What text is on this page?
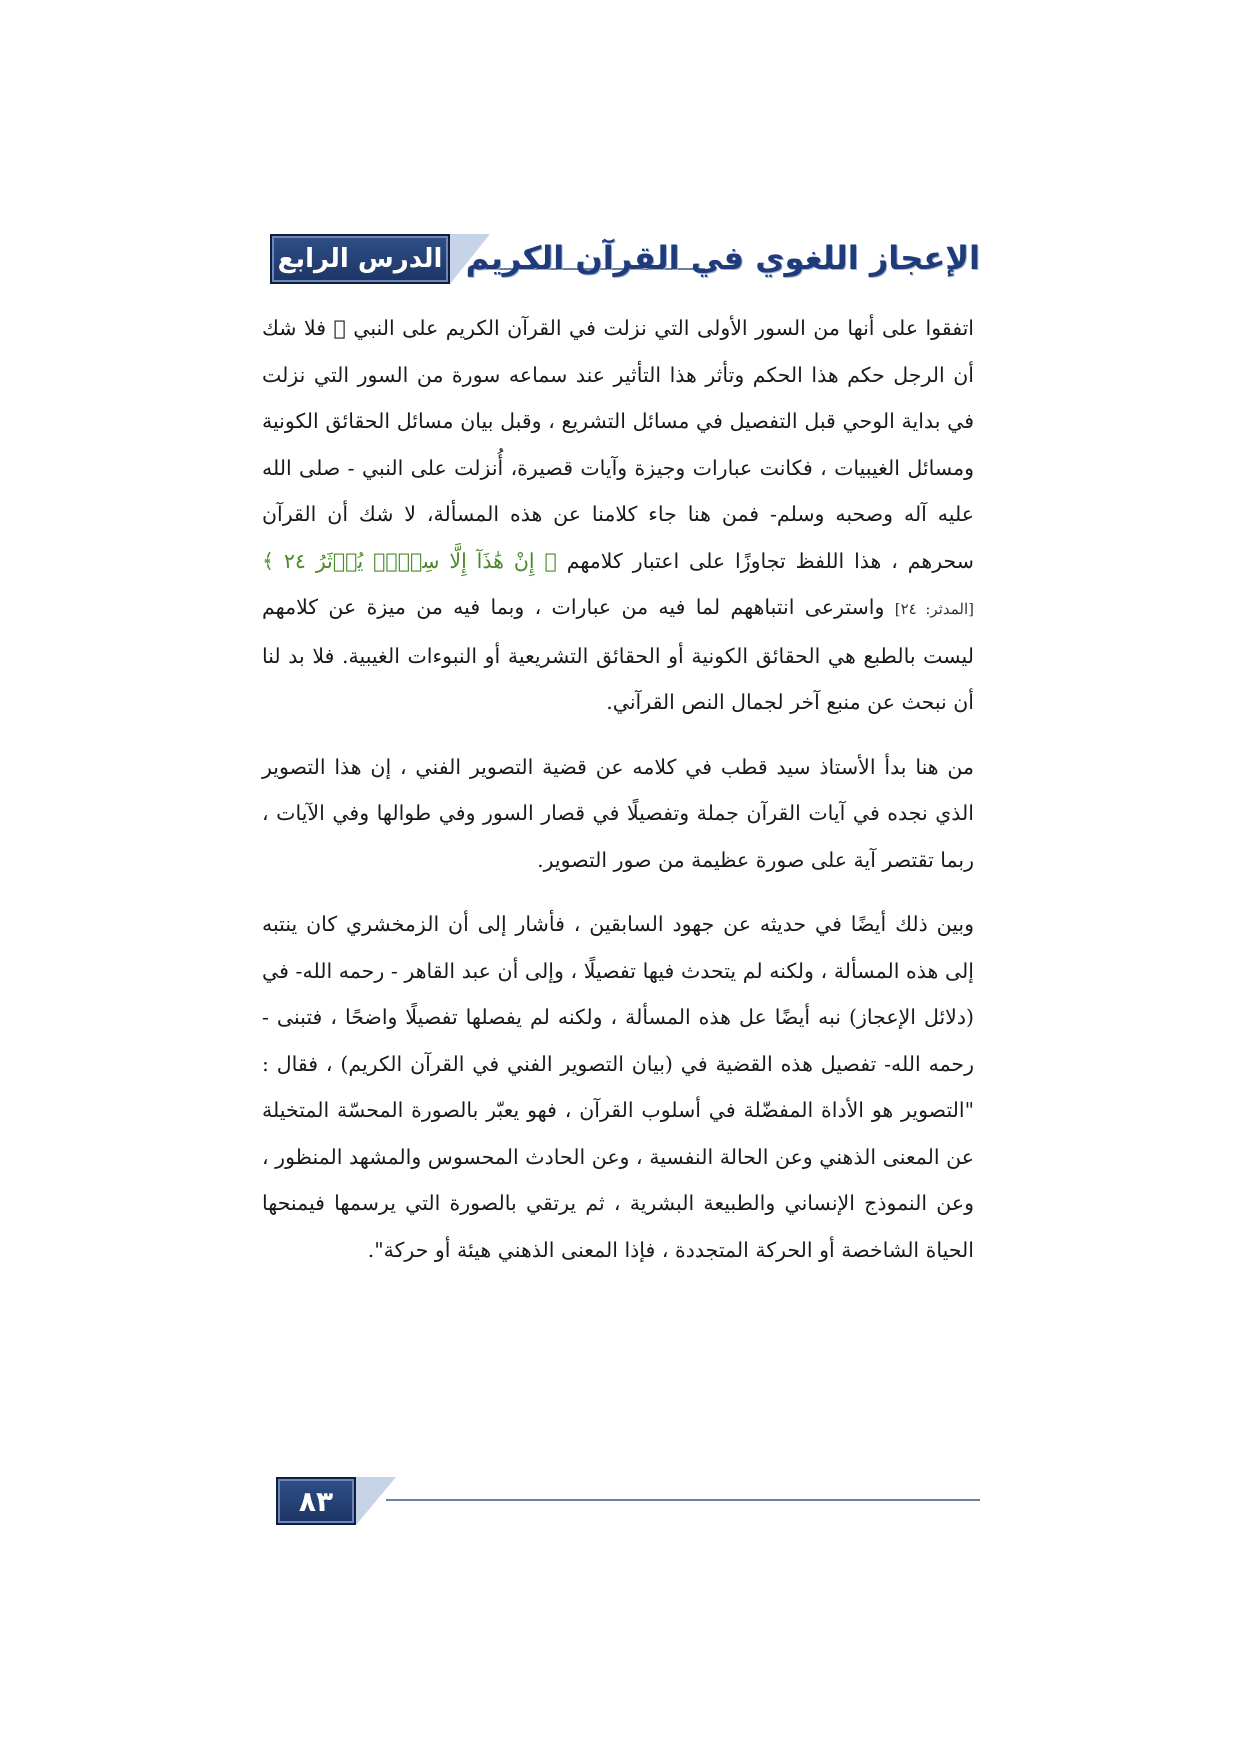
الدرس الرابع الإعجاز اللغوي في القرآن الكريم

اتفقوا على أنها من السور الأولى التي نزلت في القرآن الكريم على النبي ﷺ فلا شك أن الرجل حكم هذا الحكم وتأثر هذا التأثير عند سماعه سورة من السور التي نزلت في بداية الوحي قبل التفصيل في مسائل التشريع ، وقبل بيان مسائل الحقائق الكونية ومسائل الغيبيات ، فكانت عبارات وجيزة وآيات قصيرة، أُنزلت على النبي - صلى الله عليه آله وصحبه وسلم- فمن هنا جاء كلامنا عن هذه المسألة، لا شك أن القرآن سحرهم ، هذا اللفظ تجاوزًا على اعتبار كلامهم ﴿ إِنْ هَٰذَآ إِلَّا سِحۡرٞ يُؤۡثَرُ ٢٤ ﴾ [المدثر: ٢٤] واسترعى انتباههم لما فيه من عبارات ، وبما فيه من ميزة عن كلامهم ليست بالطبع هي الحقائق الكونية أو الحقائق التشريعية أو النبوءات الغيبية. فلا بد لنا أن نبحث عن منبع آخر لجمال النص القرآني.

من هنا بدأ الأستاذ سيد قطب في كلامه عن قضية التصوير الفني ، إن هذا التصوير الذي نجده في آيات القرآن جملة وتفصيلًا في قصار السور وفي طوالها وفي الآيات ، ربما تقتصر آية على صورة عظيمة من صور التصوير.

وبين ذلك أيضًا في حديثه عن جهود السابقين ، فأشار إلى أن الزمخشري كان ينتبه إلى هذه المسألة ، ولكنه لم يتحدث فيها تفصيلًا ، وإلى أن عبد القاهر - رحمه الله- في (دلائل الإعجاز) نبه أيضًا عل هذه المسألة ، ولكنه لم يفصلها تفصيلًا واضحًا ، فتبنى - رحمه الله- تفصيل هذه القضية في (بيان التصوير الفني في القرآن الكريم) ، فقال : "التصوير هو الأداة المفضّلة في أسلوب القرآن ، فهو يعبّر بالصورة المحسّة المتخيلة عن المعنى الذهني وعن الحالة النفسية ، وعن الحادث المحسوس والمشهد المنظور ، وعن النموذج الإنساني والطبيعة البشرية ، ثم يرتقي بالصورة التي يرسمها فيمنحها الحياة الشاخصة أو الحركة المتجددة ، فإذا المعنى الذهني هيئة أو حركة".

٨٣
